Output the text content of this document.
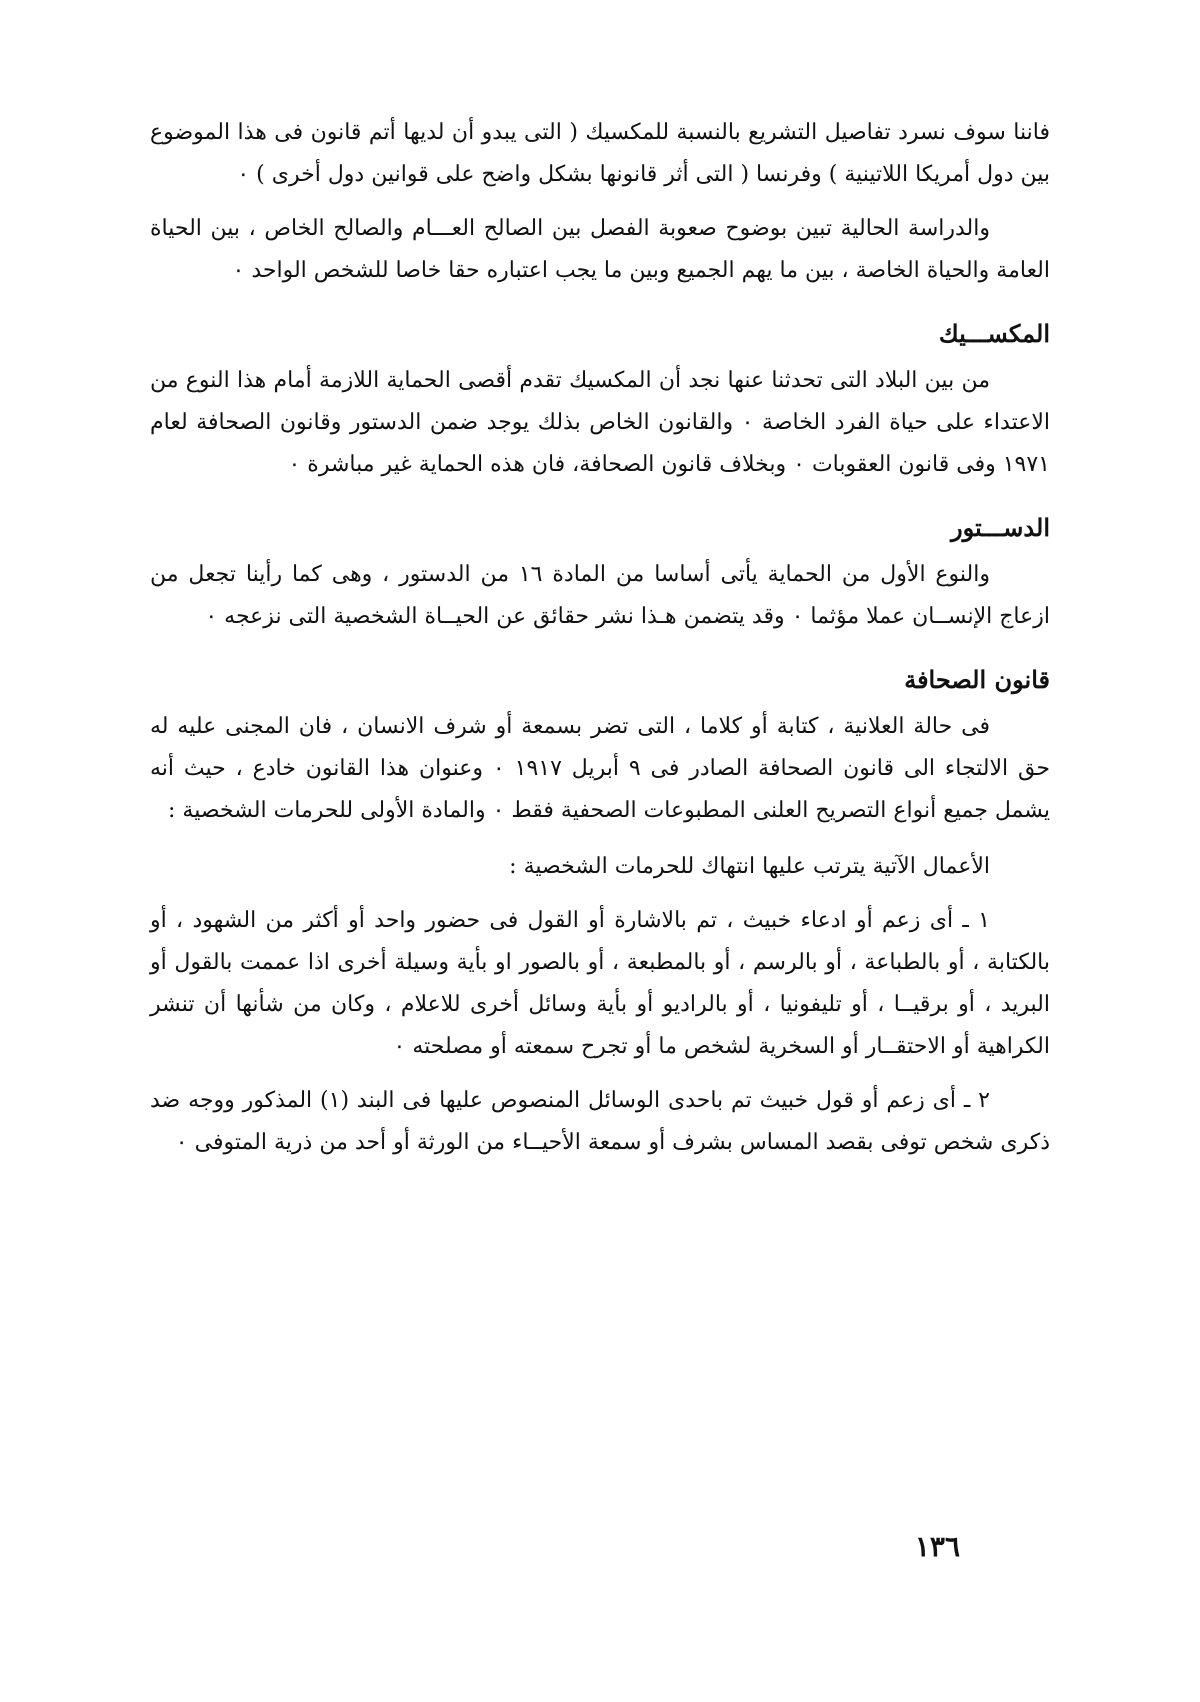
فاننا سوف نسرد تفاصيل التشريع بالنسبة للمكسيك ( التى يبدو أن لديها أتم قانون فى هذا الموضوع بين دول أمريكا اللاتينية ) وفرنسا ( التى أثر قانونها بشكل واضح على قوانين دول أخرى ) ٠

والدراسة الحالية تبين بوضوح صعوبة الفصل بين الصالح العـــام والصالح الخاص ، بين الحياة العامة والحياة الخاصة ، بين ما يهم الجميع وبين ما يجب اعتباره حقا خاصا للشخص الواحد ٠

المكســـيك

من بين البلاد التى تحدثنا عنها نجد أن المكسيك تقدم أقصى الحماية اللازمة أمام هذا النوع من الاعتداء على حياة الفرد الخاصة ٠ والقانون الخاص بذلك يوجد ضمن الدستور وقانون الصحافة لعام ١٩٧١ وفى قانون العقوبات ٠ وبخلاف قانون الصحافة، فان هذه الحماية غير مباشرة ٠

الدســـتور

والنوع الأول من الحماية يأتى أساسا من المادة ١٦ من الدستور ، وهى كما رأينا تجعل من ازعاج الإنســان عملا مؤثما ٠ وقد يتضمن هـذا نشر حقائق عن الحيــاة الشخصية التى نزعجه ٠

قانون الصحافة

فى حالة العلانية ، كتابة أو كلاما ، التى تضر بسمعة أو شرف الانسان ، فان المجنى عليه له حق الالتجاء الى قانون الصحافة الصادر فى ٩ أبريل ١٩١٧ ٠ وعنوان هذا القانون خادع ، حيث أنه يشمل جميع أنواع التصريح العلنى المطبوعات الصحفية فقط ٠ والمادة الأولى للحرمات الشخصية :

الأعمال الآتية يترتب عليها انتهاك للحرمات الشخصية :

١ ـ أى زعم أو ادعاء خبيث ، تم بالاشارة أو القول فى حضور واحد أو أكثر من الشهود ، أو بالكتابة ، أو بالطباعة ، أو بالرسم ، أو بالمطبعة ، أو بالصور او بأية وسيلة أخرى اذا عممت بالقول أو البريد ، أو برقيــا ، أو تليفونيا ، أو بالراديو أو بأية وسائل أخرى للاعلام ، وكان من شأنها أن تنشر الكراهية أو الاحتقــار أو السخرية لشخص ما أو تجرح سمعته أو مصلحته ٠

٢ ـ أى زعم أو قول خبيث تم باحدى الوسائل المنصوص عليها فى البند (١) المذكور ووجه ضد ذكرى شخص توفى بقصد المساس بشرف أو سمعة الأحيــاء من الورثة أو أحد من ذرية المتوفى ٠

١٣٦
